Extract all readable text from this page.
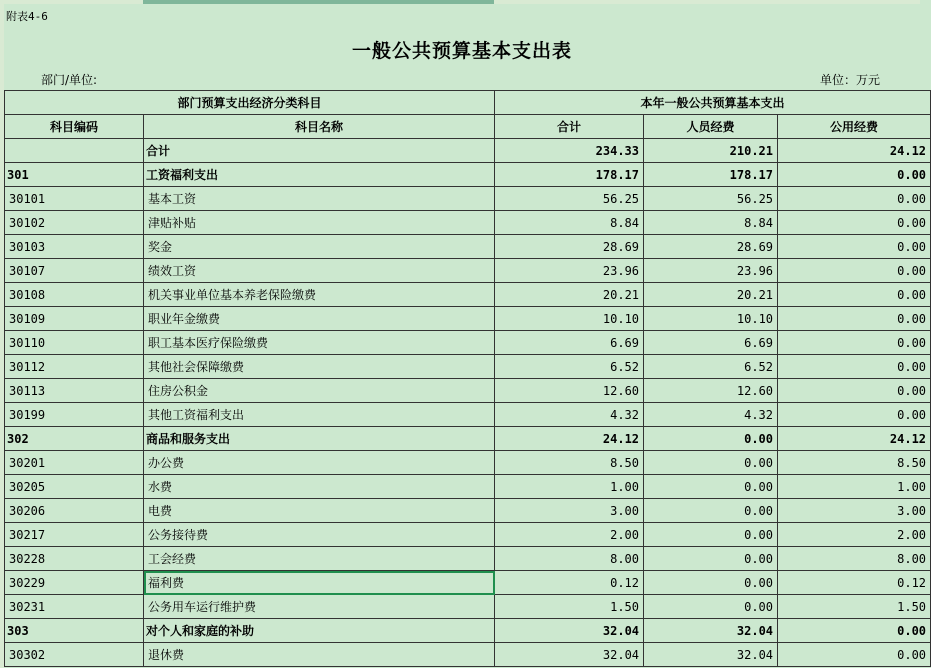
附表4-6
一般公共预算基本支出表
部门/单位:	单位：万元
部门预算支出经济分类科目		本年一般公共预算基本支出		
科目编码	科目名称	合计	人员经费	公用经费
	合计	234.33	210.21	24.12
301	工资福利支出	178.17	178.17	0.00
30101	基本工资	56.25	56.25	0.00
30102	津贴补贴	8.84	8.84	0.00
30103	奖金	28.69	28.69	0.00
30107	绩效工资	23.96	23.96	0.00
30108	机关事业单位基本养老保险缴费	20.21	20.21	0.00
30109	职业年金缴费	10.10	10.10	0.00
30110	职工基本医疗保险缴费	6.69	6.69	0.00
30112	其他社会保障缴费	6.52	6.52	0.00
30113	住房公积金	12.60	12.60	0.00
30199	其他工资福利支出	4.32	4.32	0.00
302	商品和服务支出	24.12	0.00	24.12
30201	办公费	8.50	0.00	8.50
30205	水费	1.00	0.00	1.00
30206	电费	3.00	0.00	3.00
30217	公务接待费	2.00	0.00	2.00
30228	工会经费	8.00	0.00	8.00
30229	福利费	0.12	0.00	0.12
30231	公务用车运行维护费	1.50	0.00	1.50
303	对个人和家庭的补助	32.04	32.04	0.00
30302	退休费	32.04	32.04	0.00
